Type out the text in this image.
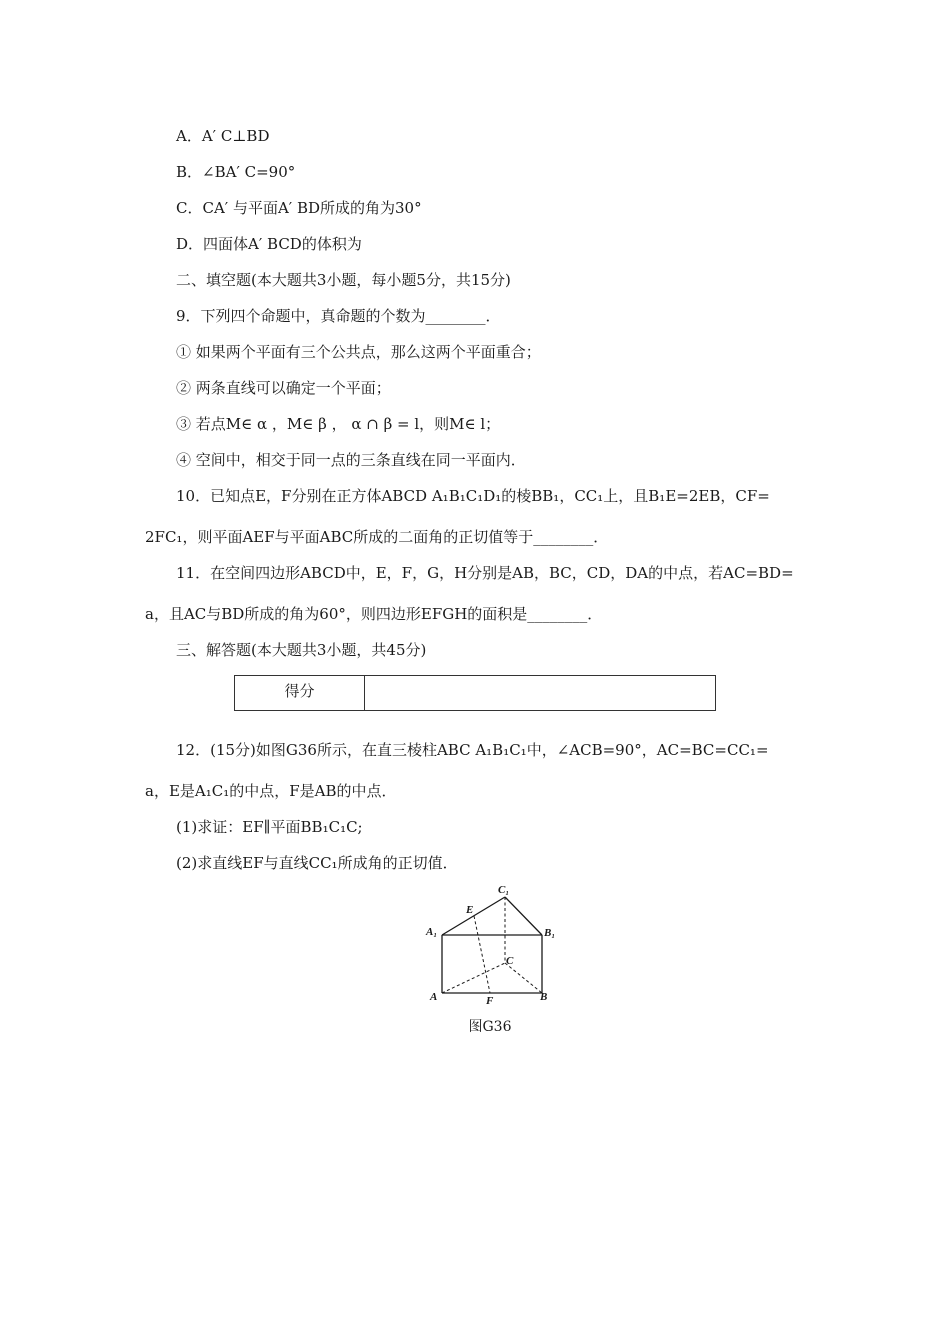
A．A′ C⊥BD
B．∠BA′ C=90°
C．CA′ 与平面A′ BD所成的角为30°
D．四面体A′ BCD的体积为
二、填空题(本大题共3小题，每小题5分，共15分)
9．下列四个命题中，真命题的个数为________．
① 如果两个平面有三个公共点，那么这两个平面重合；
② 两条直线可以确定一个平面；
③ 若点M∈ α ，M∈ β ， α ∩ β = l，则M∈ l；
④ 空间中，相交于同一点的三条直线在同一平面内．
10．已知点E，F分别在正方体ABCD A₁B₁C₁D₁的棱BB₁，CC₁上，且B₁E=2EB，CF=
2FC₁，则平面AEF与平面ABC所成的二面角的正切值等于________．
11．在空间四边形ABCD中，E，F，G，H分别是AB，BC，CD，DA的中点，若AC=BD=
a，且AC与BD所成的角为60°，则四边形EFGH的面积是________．
三、解答题(本大题共3小题，共45分)
得分
12．(15分)如图G36所示，在直三棱柱ABC A₁B₁C₁中，∠ACB=90°，AC=BC=CC₁=
a，E是A₁C₁的中点，F是AB的中点．
(1)求证：EF∥平面BB₁C₁C;
(2)求直线EF与直线CC₁所成角的正切值．
C₁
E
A₁	B₁
C
A	F	B
图G36
